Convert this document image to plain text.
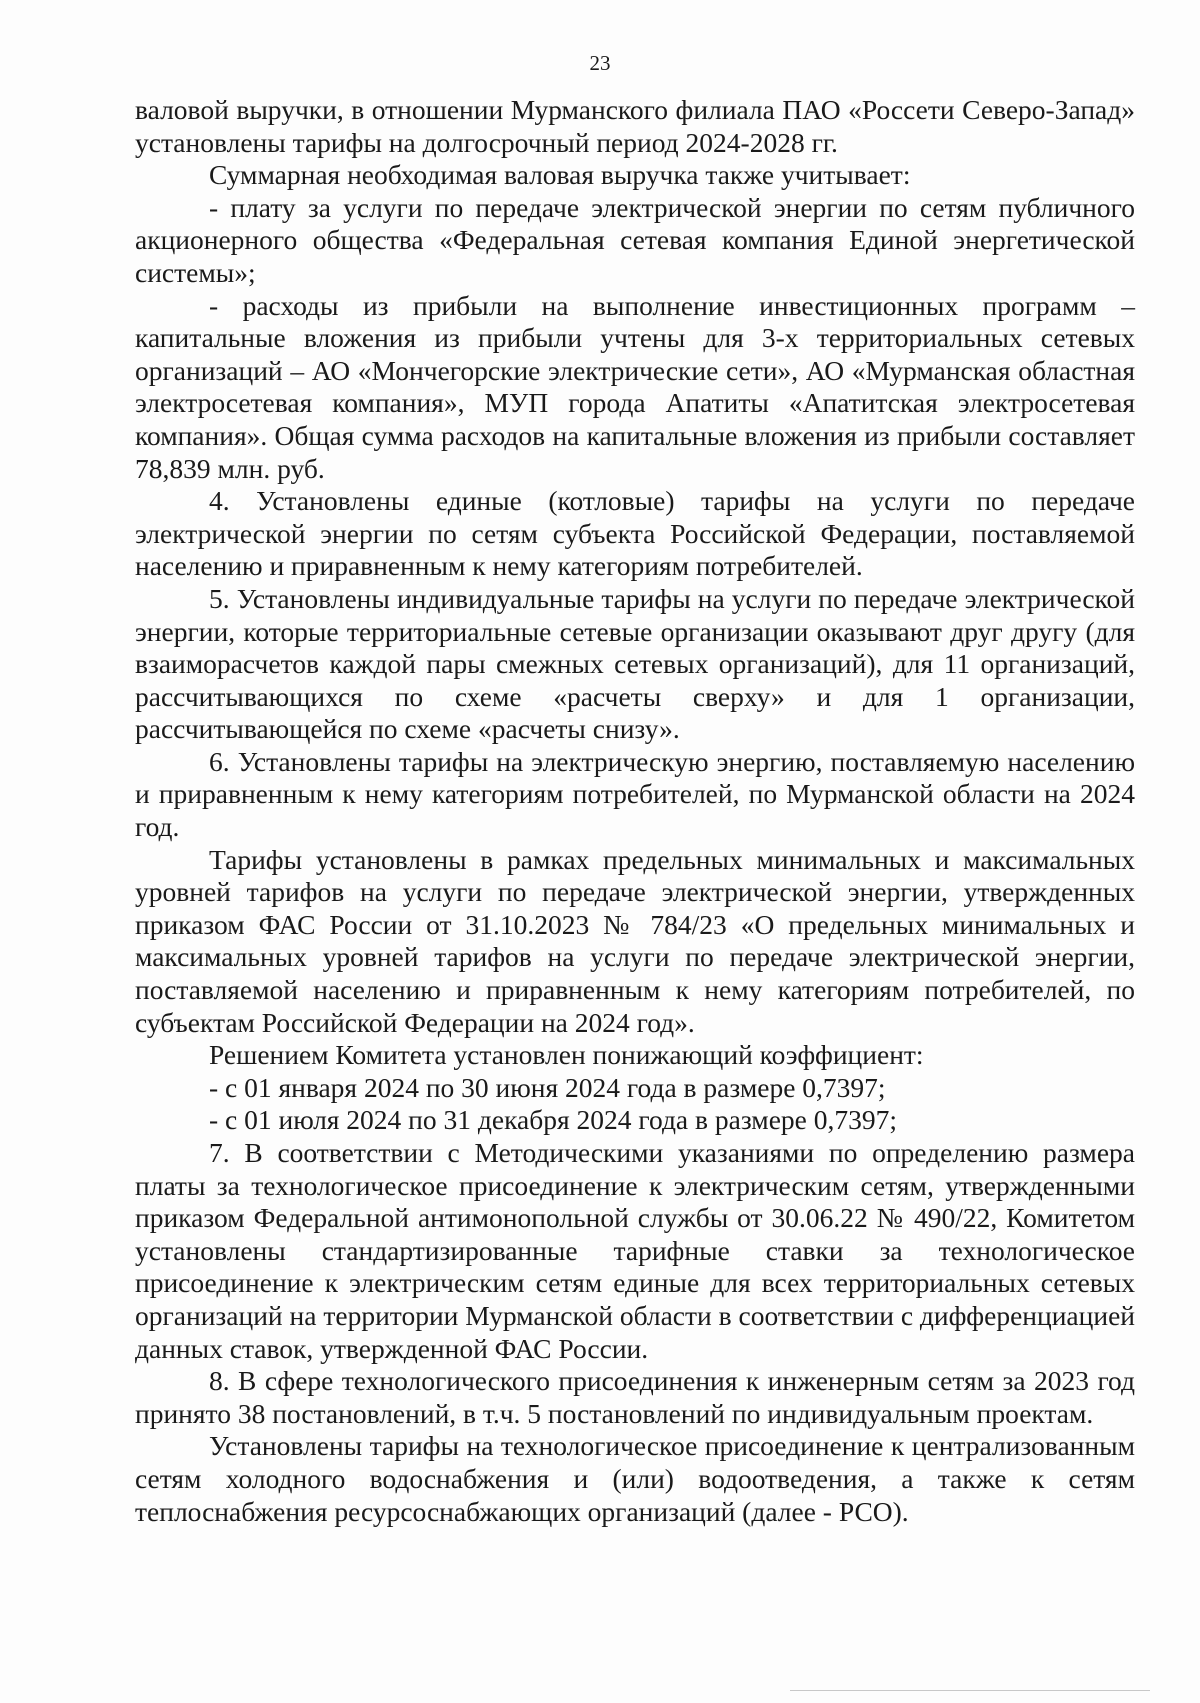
23

валовой выручки, в отношении Мурманского филиала ПАО «Россети Северо-Запад» установлены тарифы на долгосрочный период 2024-2028 гг.

Суммарная необходимая валовая выручка также учитывает:

- плату за услуги по передаче электрической энергии по сетям публичного акционерного общества «Федеральная сетевая компания Единой энергетической системы»;

- расходы из прибыли на выполнение инвестиционных программ – капитальные вложения из прибыли учтены для 3-х территориальных сетевых организаций – АО «Мончегорские электрические сети», АО «Мурманская областная электросетевая компания», МУП города Апатиты «Апатитская электросетевая компания». Общая сумма расходов на капитальные вложения из прибыли составляет 78,839 млн. руб.

4. Установлены единые (котловые) тарифы на услуги по передаче электрической энергии по сетям субъекта Российской Федерации, поставляемой населению и приравненным к нему категориям потребителей.

5. Установлены индивидуальные тарифы на услуги по передаче электрической энергии, которые территориальные сетевые организации оказывают друг другу (для взаиморасчетов каждой пары смежных сетевых организаций), для 11 организаций, рассчитывающихся по схеме «расчеты сверху» и для 1 организации, рассчитывающейся по схеме «расчеты снизу».

6. Установлены тарифы на электрическую энергию, поставляемую населению и приравненным к нему категориям потребителей, по Мурманской области на 2024 год.

Тарифы установлены в рамках предельных минимальных и максимальных уровней тарифов на услуги по передаче электрической энергии, утвержденных приказом ФАС России от 31.10.2023 № 784/23 «О предельных минимальных и максимальных уровней тарифов на услуги по передаче электрической энергии, поставляемой населению и приравненным к нему категориям потребителей, по субъектам Российской Федерации на 2024 год».

Решением Комитета установлен понижающий коэффициент:

- с 01 января 2024 по 30 июня 2024 года в размере 0,7397;

- с 01 июля 2024 по 31 декабря 2024 года в размере 0,7397;

7. В соответствии с Методическими указаниями по определению размера платы за технологическое присоединение к электрическим сетям, утвержденными приказом Федеральной антимонопольной службы от 30.06.22 № 490/22, Комитетом установлены стандартизированные тарифные ставки за технологическое присоединение к электрическим сетям единые для всех территориальных сетевых организаций на территории Мурманской области в соответствии с дифференциацией данных ставок, утвержденной ФАС России.

8. В сфере технологического присоединения к инженерным сетям за 2023 год принято 38 постановлений, в т.ч. 5 постановлений по индивидуальным проектам.

Установлены тарифы на технологическое присоединение к централизованным сетям холодного водоснабжения и (или) водоотведения, а также к сетям теплоснабжения ресурсоснабжающих организаций (далее - РСО).
